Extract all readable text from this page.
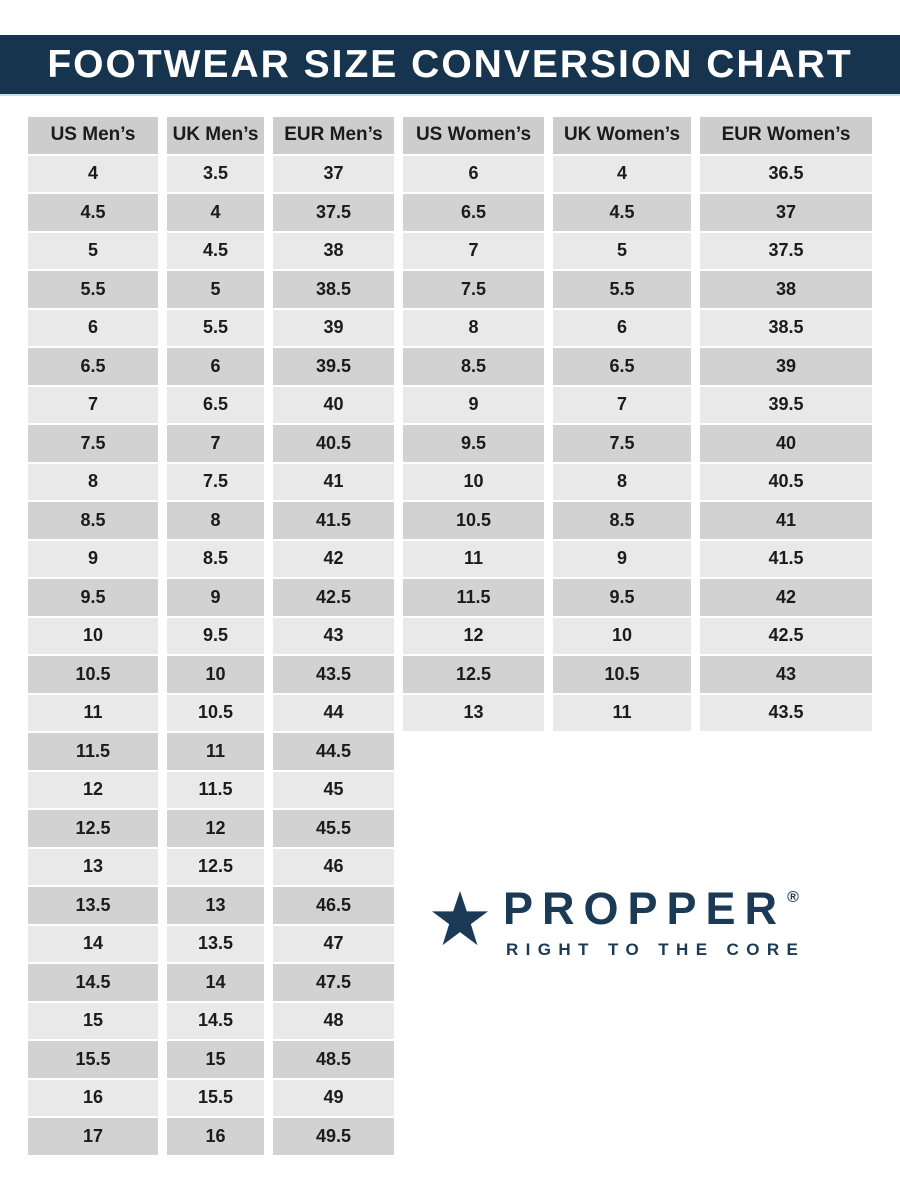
FOOTWEAR SIZE CONVERSION CHART
US Men’s	UK Men’s	EUR Men’s	US Women’s	UK Women’s	EUR Women’s
4	3.5	37	6	4	36.5
4.5	4	37.5	6.5	4.5	37
5	4.5	38	7	5	37.5
5.5	5	38.5	7.5	5.5	38
6	5.5	39	8	6	38.5
6.5	6	39.5	8.5	6.5	39
7	6.5	40	9	7	39.5
7.5	7	40.5	9.5	7.5	40
8	7.5	41	10	8	40.5
8.5	8	41.5	10.5	8.5	41
9	8.5	42	11	9	41.5
9.5	9	42.5	11.5	9.5	42
10	9.5	43	12	10	42.5
10.5	10	43.5	12.5	10.5	43
11	10.5	44	13	11	43.5
11.5	11	44.5
12	11.5	45
12.5	12	45.5
13	12.5	46
13.5	13	46.5
14	13.5	47
14.5	14	47.5
15	14.5	48
15.5	15	48.5
16	15.5	49
17	16	49.5
PROPPER®
RIGHT TO THE CORE
